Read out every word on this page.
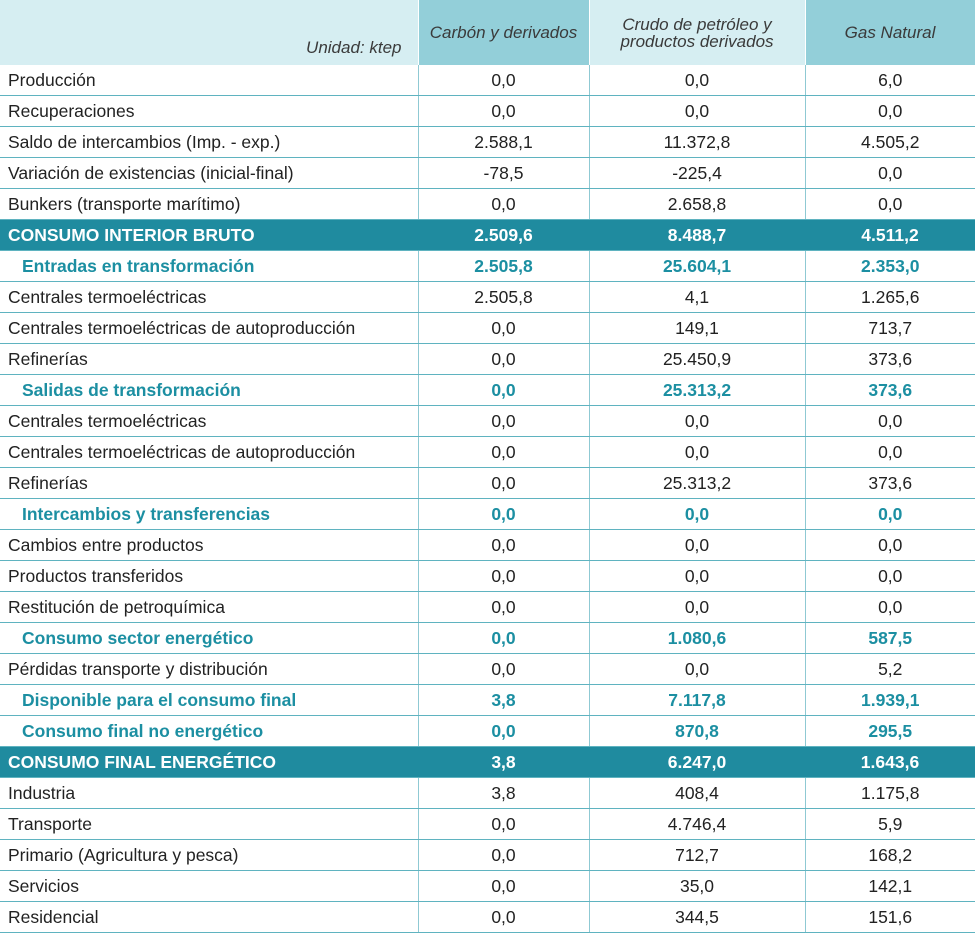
Unidad: ktep	Carbón y derivados	Crudo de petróleo y productos derivados	Gas Natural

Producción	0,0	0,0	6,0
Recuperaciones	0,0	0,0	0,0
Saldo de intercambios (Imp. - exp.)	2.588,1	11.372,8	4.505,2
Variación de existencias (inicial-final)	-78,5	-225,4	0,0
Bunkers (transporte marítimo)	0,0	2.658,8	0,0
CONSUMO INTERIOR BRUTO	2.509,6	8.488,7	4.511,2
Entradas en transformación	2.505,8	25.604,1	2.353,0
Centrales termoeléctricas	2.505,8	4,1	1.265,6
Centrales termoeléctricas de autoproducción	0,0	149,1	713,7
Refinerías	0,0	25.450,9	373,6
Salidas de transformación	0,0	25.313,2	373,6
Centrales termoeléctricas	0,0	0,0	0,0
Centrales termoeléctricas de autoproducción	0,0	0,0	0,0
Refinerías	0,0	25.313,2	373,6
Intercambios y transferencias	0,0	0,0	0,0
Cambios entre productos	0,0	0,0	0,0
Productos transferidos	0,0	0,0	0,0
Restitución de petroquímica	0,0	0,0	0,0
Consumo sector energético	0,0	1.080,6	587,5
Pérdidas transporte y distribución	0,0	0,0	5,2
Disponible para el consumo final	3,8	7.117,8	1.939,1
Consumo final no energético	0,0	870,8	295,5
CONSUMO FINAL ENERGÉTICO	3,8	6.247,0	1.643,6
Industria	3,8	408,4	1.175,8
Transporte	0,0	4.746,4	5,9
Primario (Agricultura y pesca)	0,0	712,7	168,2
Servicios	0,0	35,0	142,1
Residencial	0,0	344,5	151,6
